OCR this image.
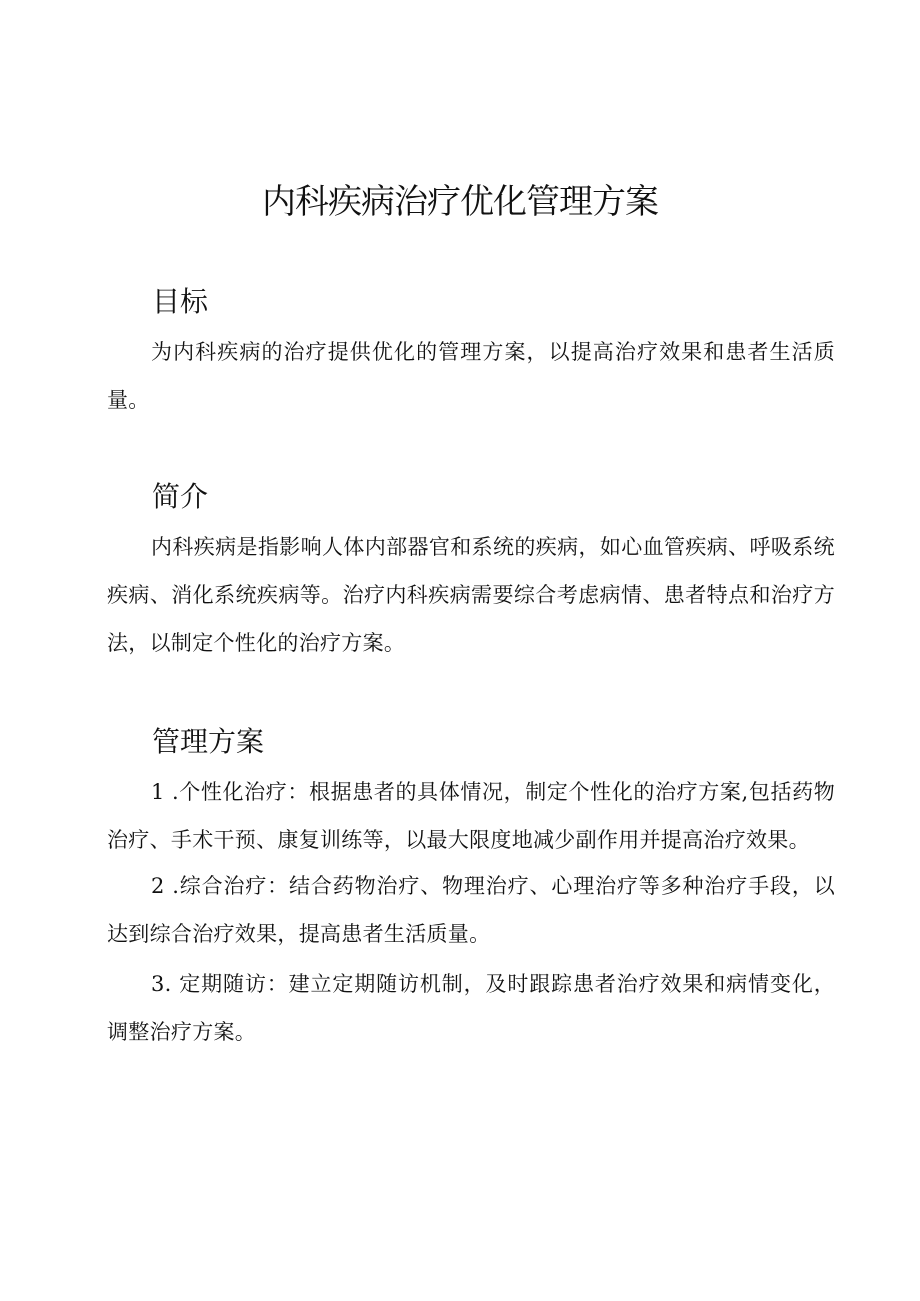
内科疾病治疗优化管理方案
目标

为内科疾病的治疗提供优化的管理方案，以提高治疗效果和患者生活质量。

简介

内科疾病是指影响人体内部器官和系统的疾病，如心血管疾病、呼吸系统疾病、消化系统疾病等。治疗内科疾病需要综合考虑病情、患者特点和治疗方法，以制定个性化的治疗方案。

管理方案

1 .个性化治疗：根据患者的具体情况，制定个性化的治疗方案,包括药物治疗、手术干预、康复训练等，以最大限度地减少副作用并提高治疗效果。

2 .综合治疗：结合药物治疗、物理治疗、心理治疗等多种治疗手段，以达到综合治疗效果，提高患者生活质量。

3. 定期随访：建立定期随访机制，及时跟踪患者治疗效果和病情变化，调整治疗方案。
